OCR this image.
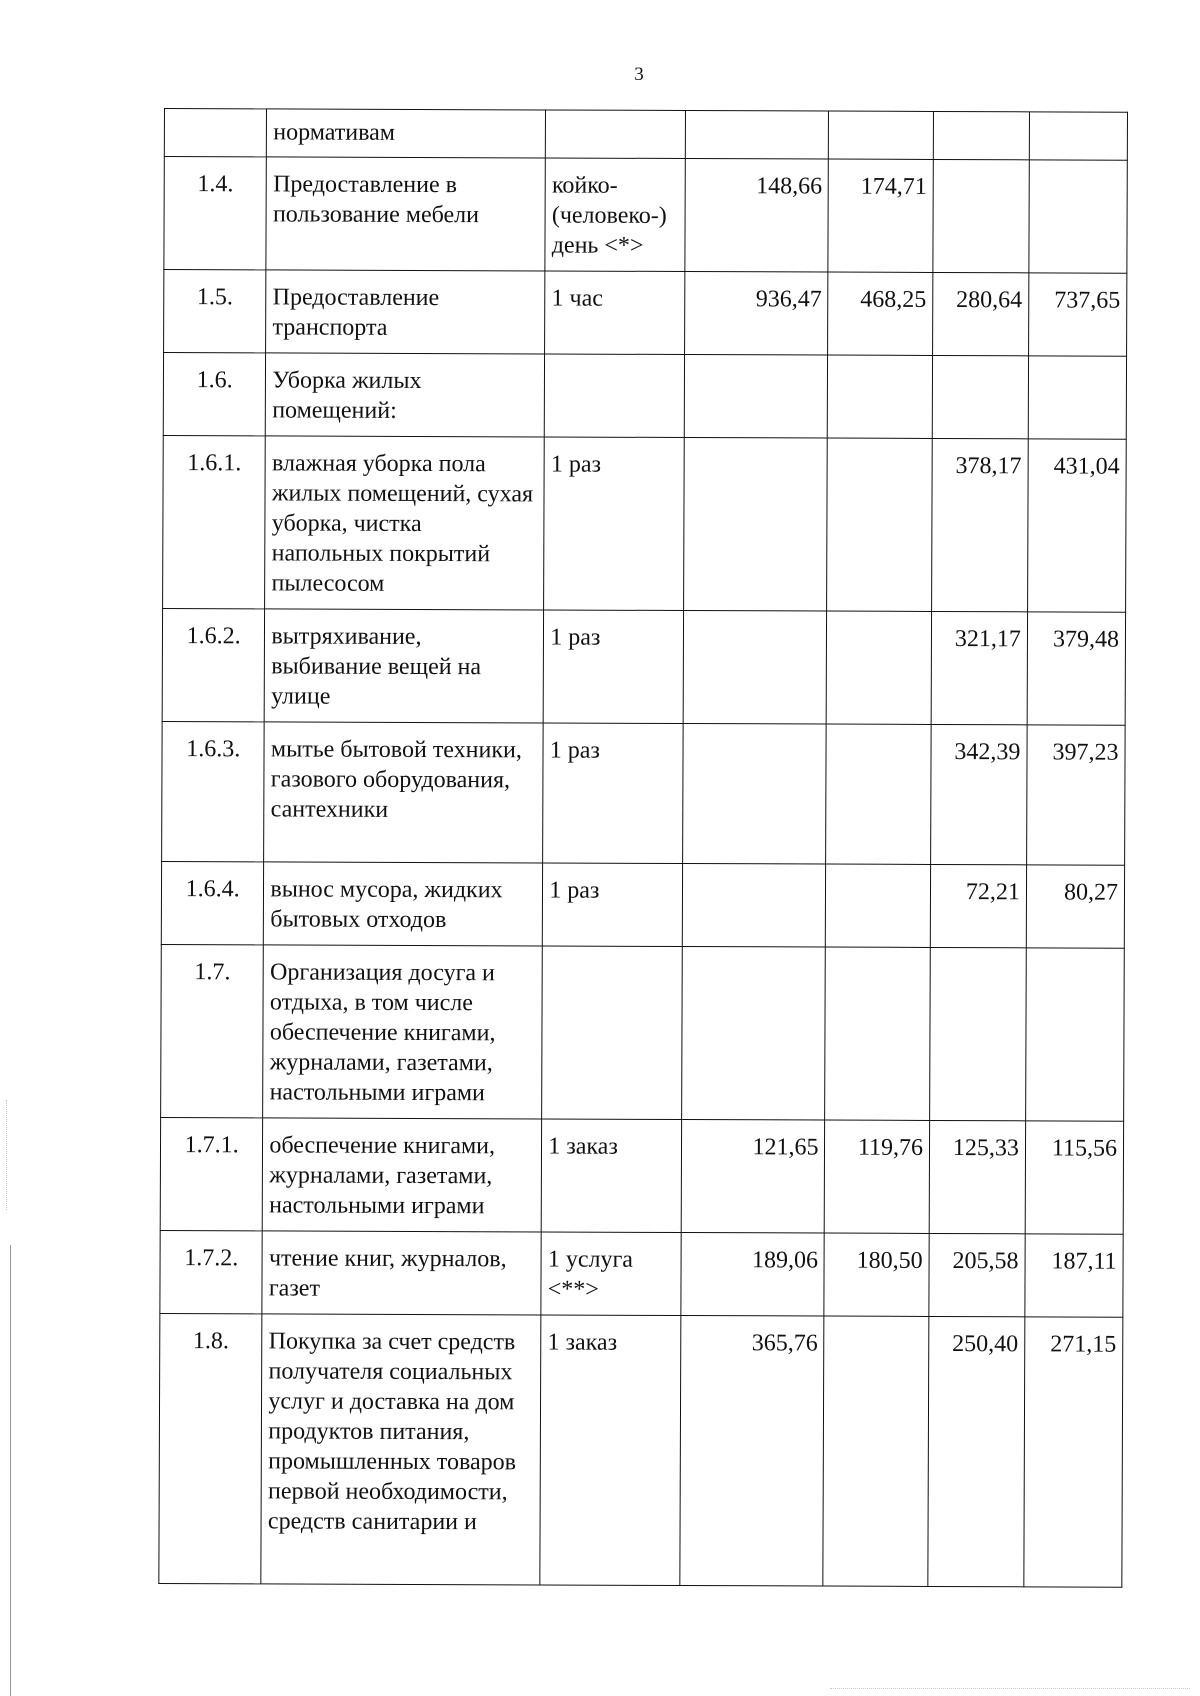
3
	нормативам					
1.4.	Предоставление в пользование мебели	койко-(человеко-) день <*>	148,66	174,71		
1.5.	Предоставление транспорта	1 час	936,47	468,25	280,64	737,65
1.6.	Уборка жилых помещений:					
1.6.1.	влажная уборка пола жилых помещений, сухая уборка, чистка напольных покрытий пылесосом	1 раз			378,17	431,04
1.6.2.	вытряхивание, выбивание вещей на улице	1 раз			321,17	379,48
1.6.3.	мытье бытовой техники, газового оборудования, сантехники	1 раз			342,39	397,23
1.6.4.	вынос мусора, жидких бытовых отходов	1 раз			72,21	80,27
1.7.	Организация досуга и отдыха, в том числе обеспечение книгами, журналами, газетами, настольными играми					
1.7.1.	обеспечение книгами, журналами, газетами, настольными играми	1 заказ	121,65	119,76	125,33	115,56
1.7.2.	чтение книг, журналов, газет	1 услуга <**>	189,06	180,50	205,58	187,11
1.8.	Покупка за счет средств получателя социальных услуг и доставка на дом продуктов питания, промышленных товаров первой необходимости, средств санитарии и	1 заказ	365,76		250,40	271,15
